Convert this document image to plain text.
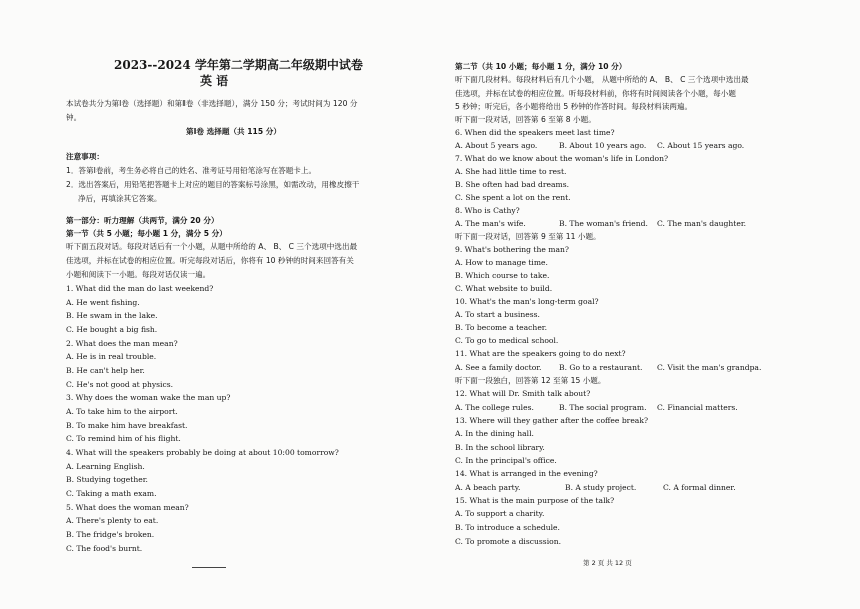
2023--2024 学年第二学期高二年级期中试卷
英 语
本试卷共分为第Ⅰ卷（选择题）和第Ⅱ卷（非选择题），满分 150 分；考试时间为 120 分
钟。
第Ⅰ卷 选择题（共 115 分）
注意事项：
1．答第Ⅰ卷前，考生务必将自己的姓名、准考证号用铅笔涂写在答题卡上。
2．选出答案后，用铅笔把答题卡上对应的题目的答案标号涂黑，如需改动，用橡皮擦干
净后，再填涂其它答案。
第一部分：听力理解（共两节，满分 20 分）
第一节（共 5 小题；每小题 1 分，满分 5 分）
听下面五段对话。每段对话后有一个小题，从题中所给的 A、 B、 C 三个选项中选出最
佳选项，并标在试卷的相应位置。听完每段对话后，你将有 10 秒钟的时间来回答有关
小题和阅读下一小题。每段对话仅读一遍。
1. What did the man do last weekend?
A. He went fishing.
B. He swam in the lake.
C. He bought a big fish.
2. What does the man mean?
A. He is in real trouble.
B. He can't help her.
C. He's not good at physics.
3. Why does the woman wake the man up?
A. To take him to the airport.
B. To make him have breakfast.
C. To remind him of his flight.
4. What will the speakers probably be doing at about 10:00 tomorrow?
A. Learning English.
B. Studying together.
C. Taking a math exam.
5. What does the woman mean?
A. There's plenty to eat.
B. The fridge's broken.
C. The food's burnt.
第二节（共 10 小题；每小题 1 分，满分 10 分）
听下面几段材料。每段材料后有几个小题， 从题中所给的 A、 B、 C 三个选项中选出最
佳选项，并标在试卷的相应位置。听每段材料前，你将有时间阅读各个小题，每小题
5 秒钟；听完后，各小题将给出 5 秒钟的作答时间。每段材料读两遍。
听下面一段对话，回答第 6 至第 8 小题。
6. When did the speakers meet last time?
A. About 5 years ago.	B. About 10 years ago. C. About 15 years ago.
7. What do we know about the woman's life in London?
A. She had little time to rest.
B. She often had bad dreams.
C. She spent a lot on the rent.
8. Who is Cathy?
A. The man's wife.	B. The woman's friend. C. The man's daughter.
听下面一段对话，回答第 9 至第 11 小题。
9. What's bothering the man?
A. How to manage time.
B. Which course to take.
C. What website to build.
10. What's the man's long-term goal?
A. To start a business.
B. To become a teacher.
C. To go to medical school.
11. What are the speakers going to do next?
A. See a family doctor. B. Go to a restaurant. C. Visit the man's grandpa.
听下面一段独白，回答第 12 至第 15 小题。
12. What will Dr. Smith talk about?
A. The college rules.	B. The social program. C. Financial matters.
13. Where will they gather after the coffee break?
A. In the dining hall.
B. In the school library.
C. In the principal's office.
14. What is arranged in the evening?
A. A beach party.	B. A study project.	C. A formal dinner.
15. What is the main purpose of the talk?
A. To support a charity.
B. To introduce a schedule.
C. To promote a discussion.
第 2 页 共 12 页
